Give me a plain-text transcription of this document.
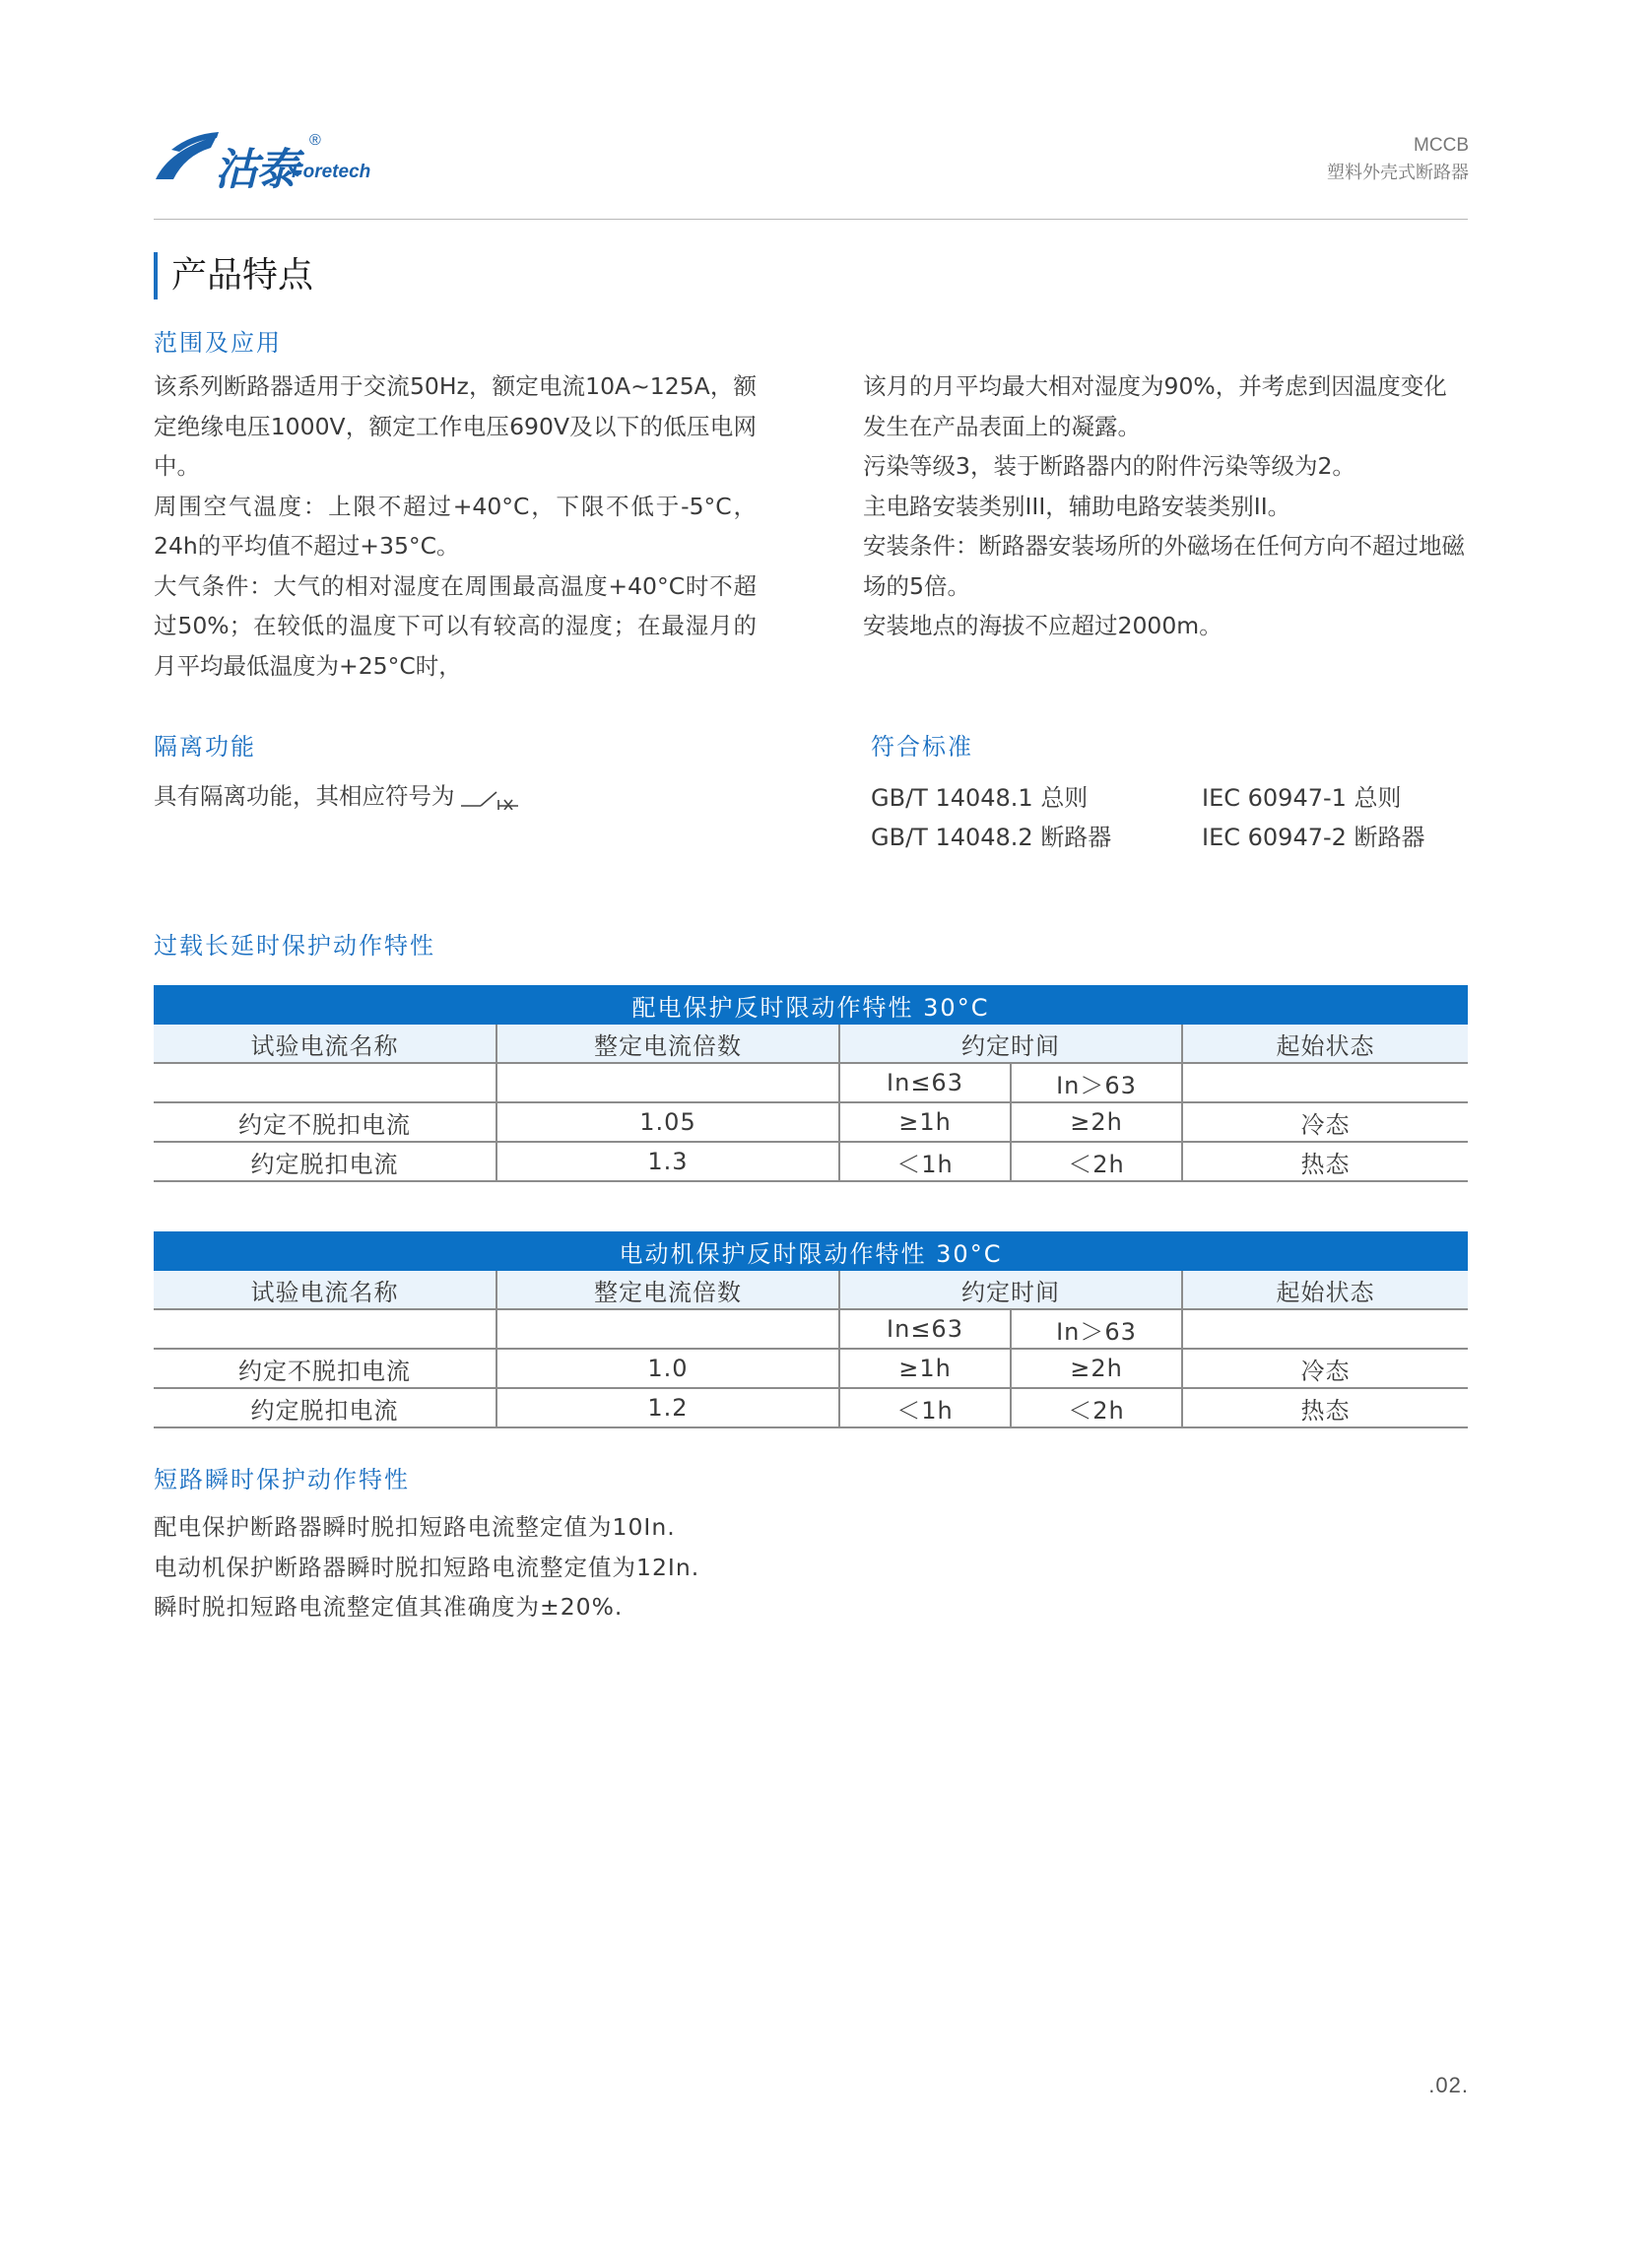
沽泰
®
Foretech
MCCB
塑料外壳式断路器
产品特点
范围及应用

该系列断路器适用于交流50Hz，额定电流10A~125A，额定绝缘电压1000V，额定工作电压690V及以下的低压电网中。

周围空气温度：上限不超过+40°C，下限不低于-5°C，24h的平均值不超过+35°C。

大气条件：大气的相对湿度在周围最高温度+40°C时不超过50%；在较低的温度下可以有较高的湿度；在最湿月的月平均最低温度为+25°C时，

该月的月平均最大相对湿度为90%，并考虑到因温度变化发生在产品表面上的凝露。

污染等级3，装于断路器内的附件污染等级为2。

主电路安装类别III，辅助电路安装类别II。

安装条件：断路器安装场所的外磁场在任何方向不超过地磁场的5倍。

安装地点的海拔不应超过2000m。

隔离功能
具有隔离功能，其相应符号为
符合标准
GB/T 14048.1 总则	IEC 60947-1 总则
GB/T 14048.2 断路器	IEC 60947-2 断路器
过载长延时保护动作特性
配电保护反时限动作特性 30°C				
试验电流名称	整定电流倍数	约定时间		起始状态
		In≤63	In＞63	
约定不脱扣电流	1.05	≥1h	≥2h	冷态
约定脱扣电流	1.3	＜1h	＜2h	热态
电动机保护反时限动作特性 30°C				
试验电流名称	整定电流倍数	约定时间		起始状态
		In≤63	In＞63	
约定不脱扣电流	1.0	≥1h	≥2h	冷态
约定脱扣电流	1.2	＜1h	＜2h	热态
短路瞬时保护动作特性

配电保护断路器瞬时脱扣短路电流整定值为10In.

电动机保护断路器瞬时脱扣短路电流整定值为12In.

瞬时脱扣短路电流整定值其准确度为±20%.

.02.
